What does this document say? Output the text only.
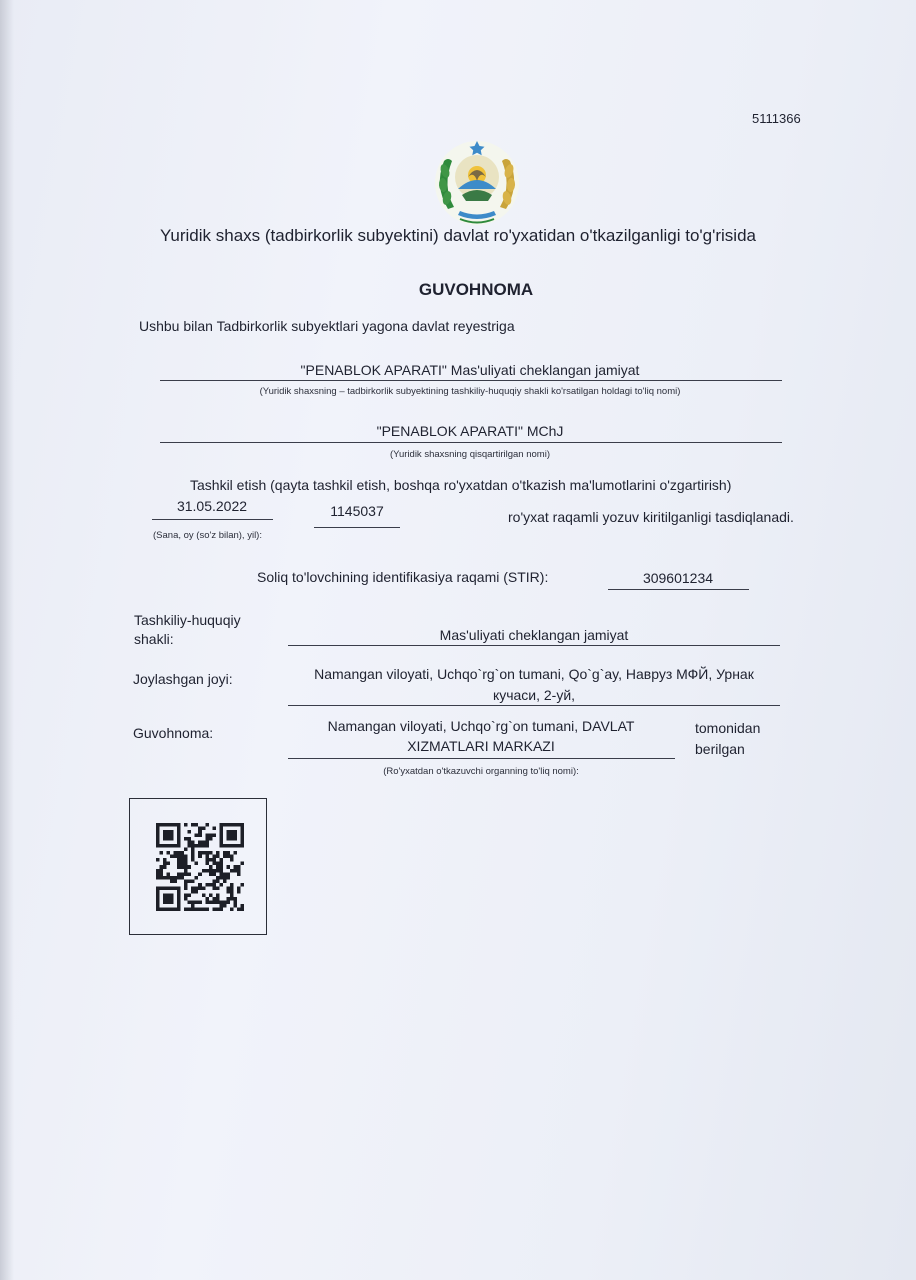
5111366
Yuridik shaxs (tadbirkorlik subyektini) davlat ro'yxatidan o'tkazilganligi to'g'risida
GUVOHNOMA
Ushbu bilan Tadbirkorlik subyektlari yagona davlat reyestriga
"PENABLOK APARATI" Mas'uliyati cheklangan jamiyat
(Yuridik shaxsning – tadbirkorlik subyektining tashkiliy-huquqiy shakli ko'rsatilgan holdagi to'liq nomi)
"PENABLOK APARATI" MChJ
(Yuridik shaxsning qisqartirilgan nomi)
Tashkil etish (qayta tashkil etish, boshqa ro'yxatdan o'tkazish ma'lumotlarini o'zgartirish)
31.05.2022
(Sana, oy (so'z bilan), yil):
1145037	ro'yxat raqamli yozuv kiritilganligi tasdiqlanadi.
Soliq to'lovchining identifikasiya raqami (STIR):	309601234
Tashkiliy-huquqiy
shakli:	Mas'uliyati cheklangan jamiyat
Joylashgan joyi:	Namangan viloyati, Uchqo`rg`on tumani, Qo`g`ay, Навруз МФЙ, Урнак
кучаси, 2-уй,
Guvohnoma:	Namangan viloyati, Uchqo`rg`on tumani, DAVLAT
XIZMATLARI MARKAZI
tomonidan
berilgan
(Ro'yxatdan o'tkazuvchi organning to'liq nomi):
